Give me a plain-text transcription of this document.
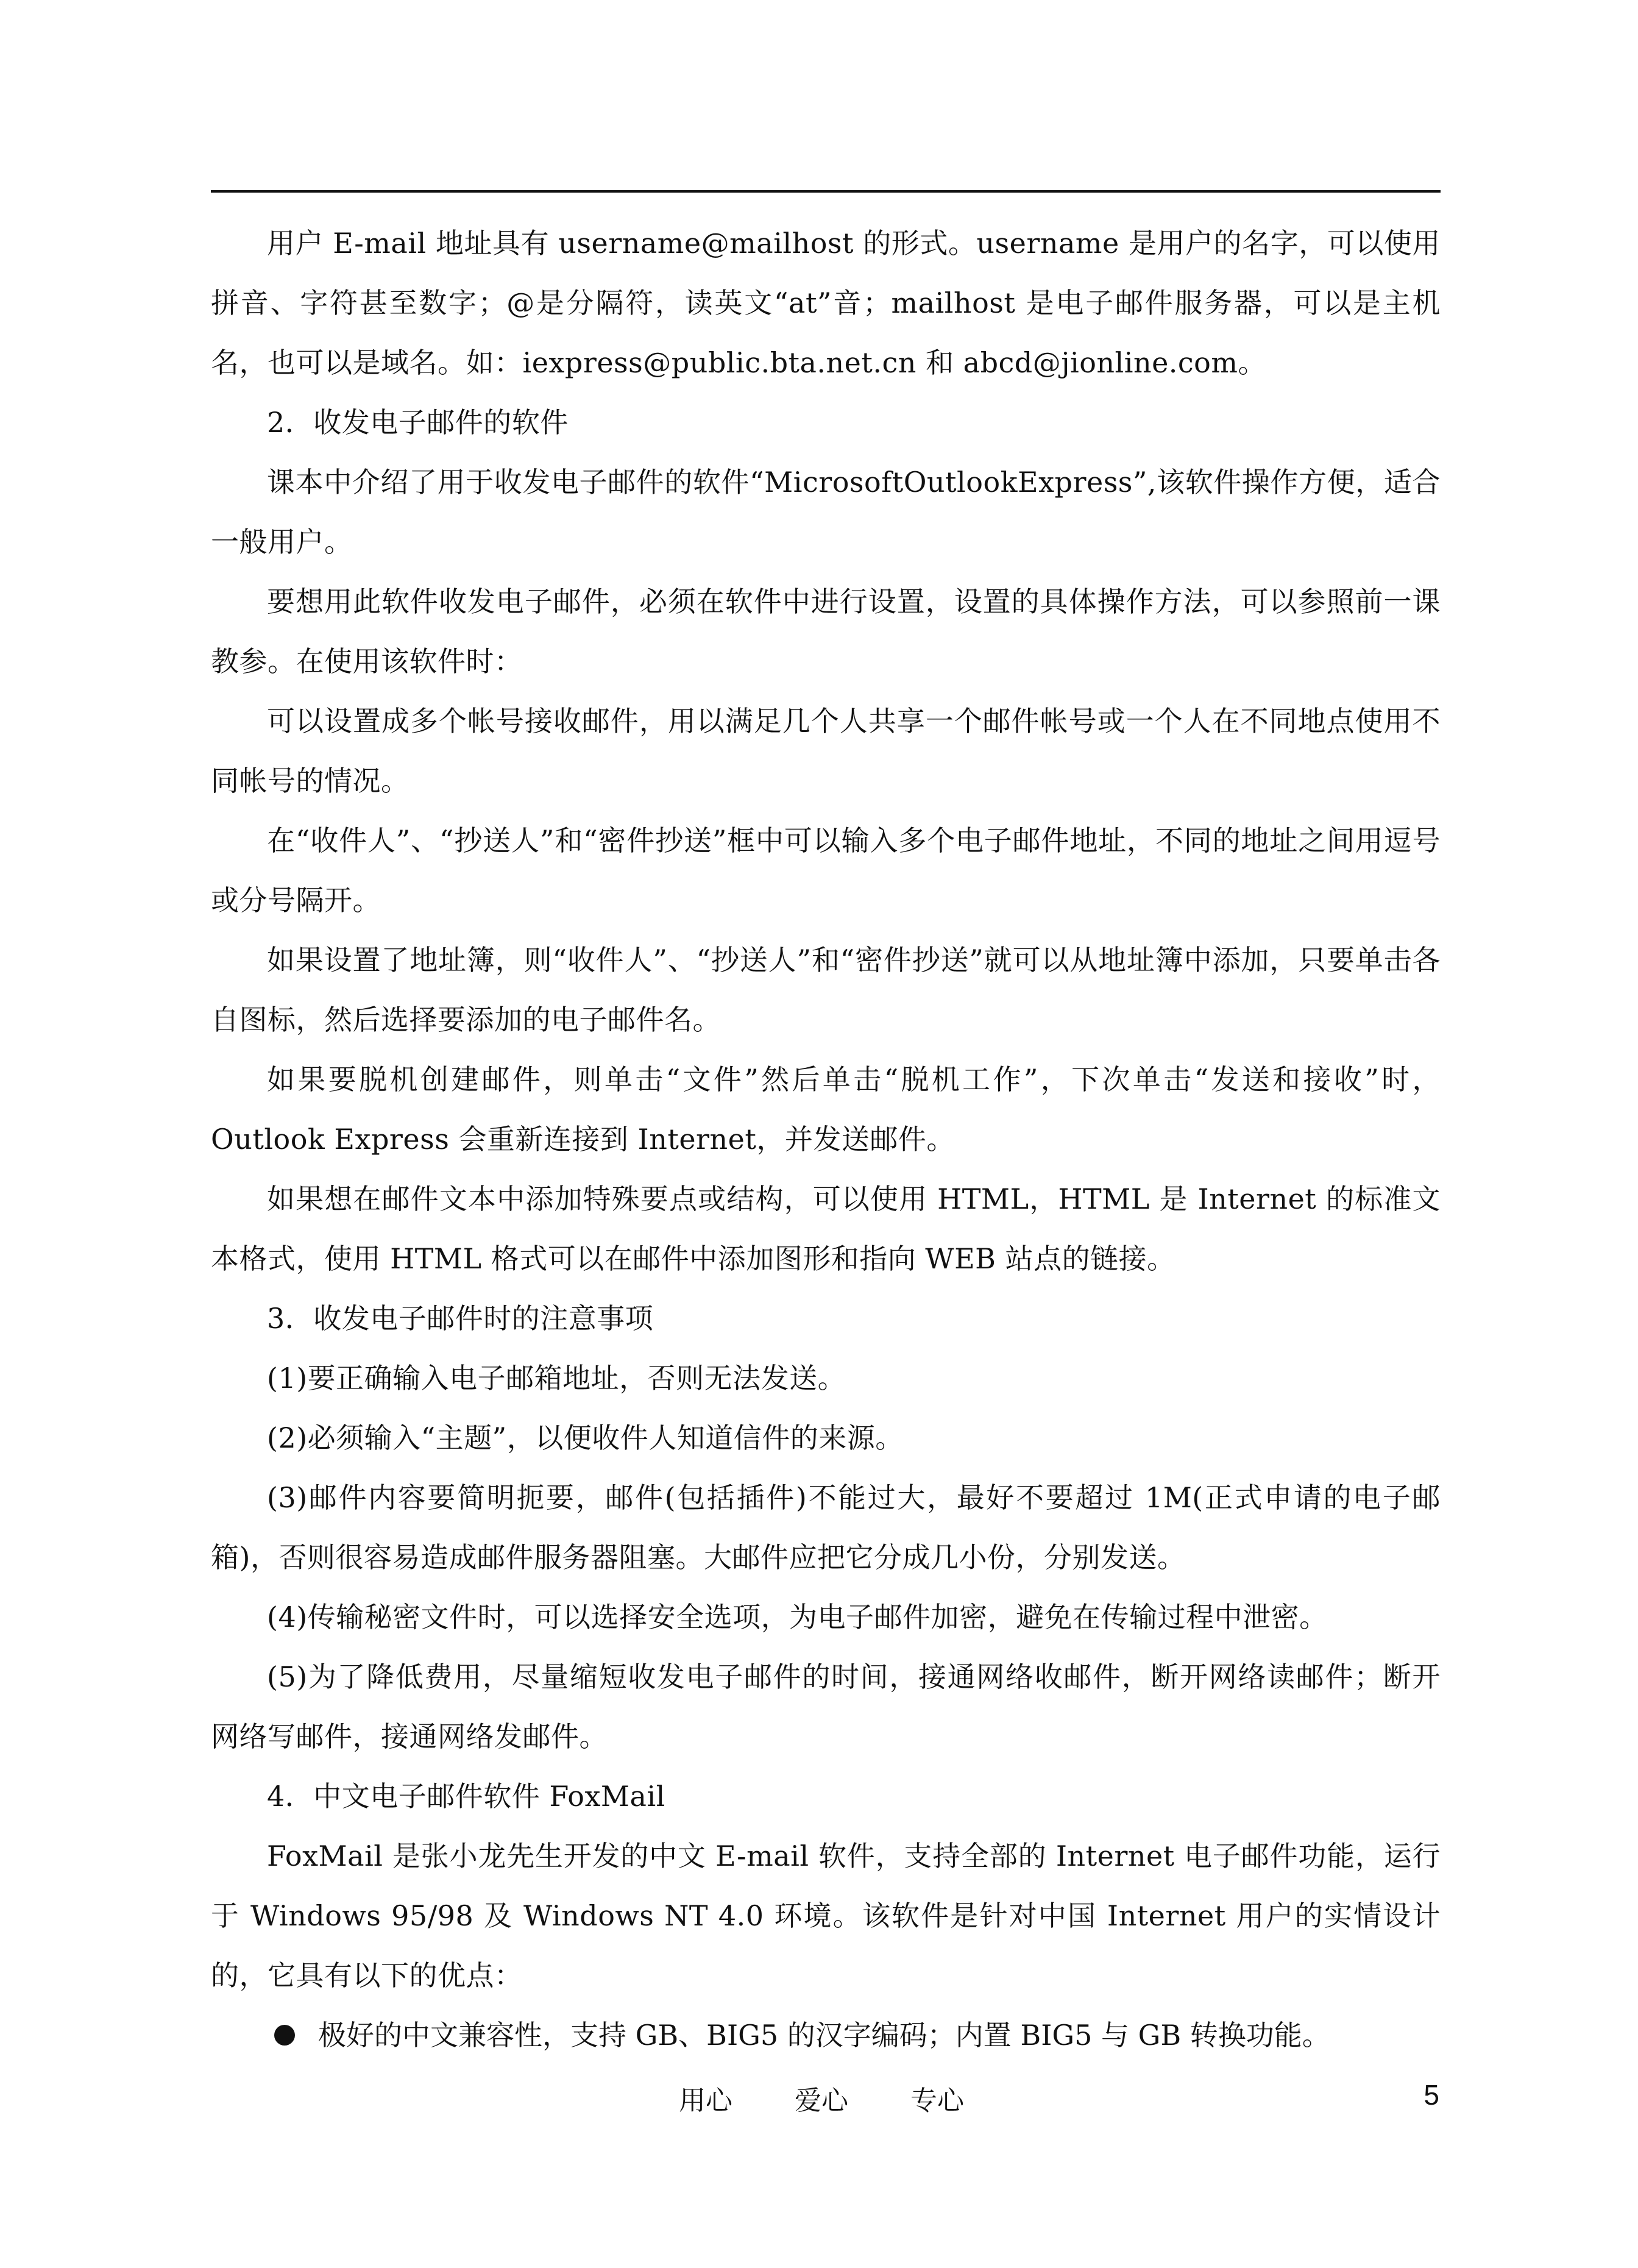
用户 E-mail 地址具有 username@mailhost 的形式。username 是用户的名字，可以使用拼音、字符甚至数字；@是分隔符，读英文“at”音；mailhost 是电子邮件服务器，可以是主机名，也可以是域名。如：iexpress@public.bta.net.cn 和 abcd@jionline.com。

2．收发电子邮件的软件

课本中介绍了用于收发电子邮件的软件“MicrosoftOutlookExpress”,该软件操作方便，适合一般用户。

要想用此软件收发电子邮件，必须在软件中进行设置，设置的具体操作方法，可以参照前一课教参。在使用该软件时：

可以设置成多个帐号接收邮件，用以满足几个人共享一个邮件帐号或一个人在不同地点使用不同帐号的情况。

在“收件人”、“抄送人”和“密件抄送”框中可以输入多个电子邮件地址，不同的地址之间用逗号或分号隔开。

如果设置了地址簿，则“收件人”、“抄送人”和“密件抄送”就可以从地址簿中添加，只要单击各自图标，然后选择要添加的电子邮件名。

如果要脱机创建邮件，则单击“文件”然后单击“脱机工作”，下次单击“发送和接收”时，Outlook Express 会重新连接到 Internet，并发送邮件。

如果想在邮件文本中添加特殊要点或结构，可以使用 HTML，HTML 是 Internet 的标准文本格式，使用 HTML 格式可以在邮件中添加图形和指向 WEB 站点的链接。

3．收发电子邮件时的注意事项

(1)要正确输入电子邮箱地址，否则无法发送。

(2)必须输入“主题”，以便收件人知道信件的来源。

(3)邮件内容要简明扼要，邮件(包括插件)不能过大，最好不要超过 1M(正式申请的电子邮箱)，否则很容易造成邮件服务器阻塞。大邮件应把它分成几小份，分别发送。

(4)传输秘密文件时，可以选择安全选项，为电子邮件加密，避免在传输过程中泄密。

(5)为了降低费用，尽量缩短收发电子邮件的时间，接通网络收邮件，断开网络读邮件；断开网络写邮件，接通网络发邮件。

4．中文电子邮件软件 FoxMail

FoxMail 是张小龙先生开发的中文 E-mail 软件，支持全部的 Internet 电子邮件功能，运行于 Windows 95/98 及 Windows NT 4.0 环境。该软件是针对中国 Internet 用户的实情设计的，它具有以下的优点：

极好的中文兼容性，支持 GB、BIG5 的汉字编码；内置 BIG5 与 GB 转换功能。

用心 爱心 专心	5
